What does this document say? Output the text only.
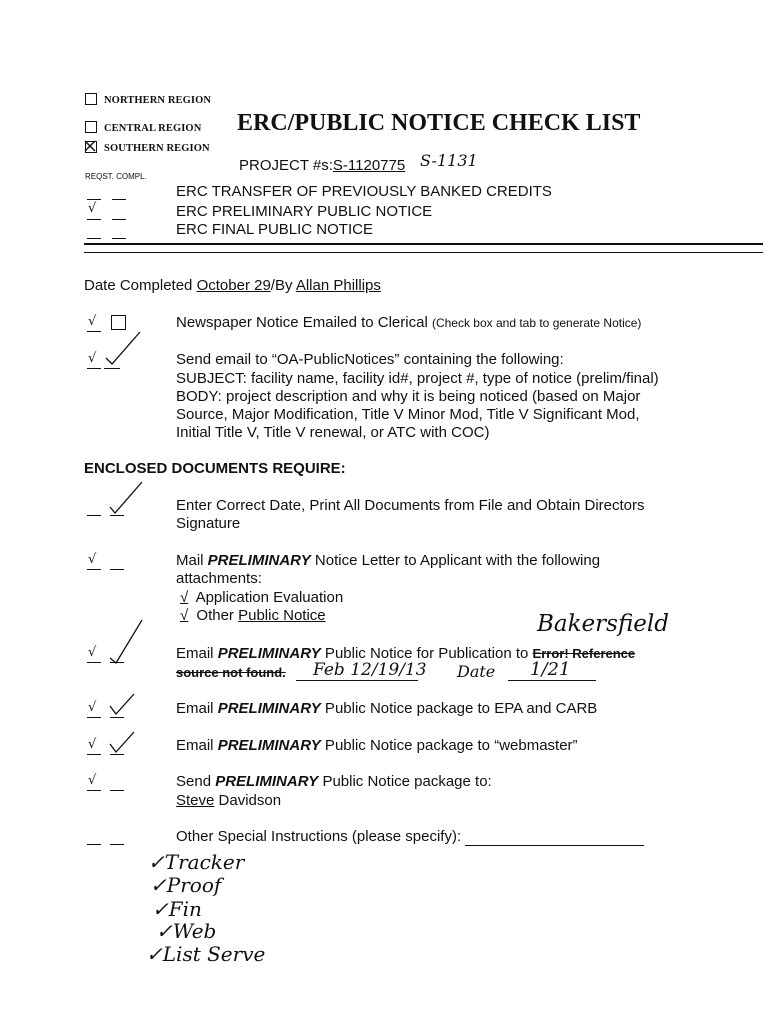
NORTHERN REGION
CENTRAL REGION
SOUTHERN REGION
ERC/PUBLIC NOTICE CHECK LIST
PROJECT #s:S-1120775 S-1131
REQST. COMPL.
ERC TRANSFER OF PREVIOUSLY BANKED CREDITS
√	ERC PRELIMINARY PUBLIC NOTICE
ERC FINAL PUBLIC NOTICE
Date Completed October 29/By Allan Phillips
√	Newspaper Notice Emailed to Clerical (Check box and tab to generate Notice)
√	Send email to “OA-PublicNotices” containing the following:
SUBJECT: facility name, facility id#, project #, type of notice (prelim/final)
BODY: project description and why it is being noticed (based on Major
Source, Major Modification, Title V Minor Mod, Title V Significant Mod,
Initial Title V, Title V renewal, or ATC with COC)
ENCLOSED DOCUMENTS REQUIRE:
Enter Correct Date, Print All Documents from File and Obtain Directors
Signature
√	Mail PRELIMINARY Notice Letter to Applicant with the following
attachments:
√ Application Evaluation
√ Other Public Notice	Bakersfield
√	Email PRELIMINARY Public Notice for Publication to Error! Reference
source not found. Feb 12/19/13 Date 1/21
√	Email PRELIMINARY Public Notice package to EPA and CARB
√	Email PRELIMINARY Public Notice package to “webmaster”
√	Send PRELIMINARY Public Notice package to:
Steve Davidson
Other Special Instructions (please specify):
✓Tracker
✓Proof
✓Fin
✓Web
✓List Serve
